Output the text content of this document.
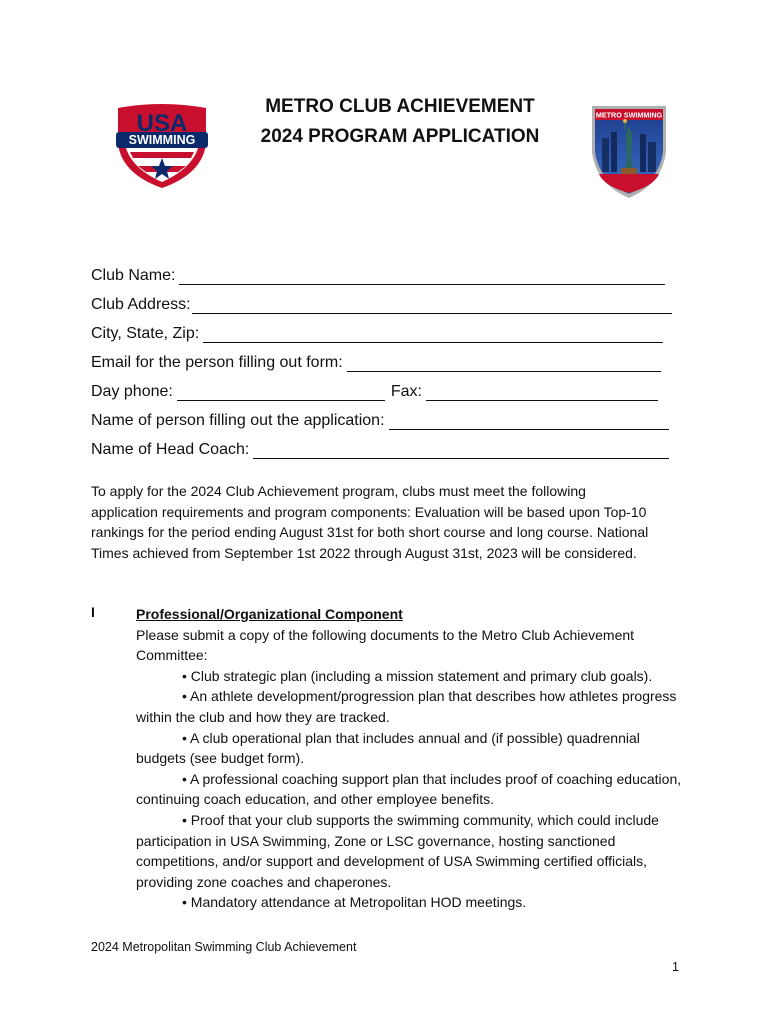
USA
SWIMMING
METRO SWIMMING
METRO CLUB ACHIEVEMENT
2024 PROGRAM APPLICATION
Club Name:
Club Address:
City, State, Zip:
Email for the person filling out form:
Day phone:	Fax:
Name of person filling out the application:
Name of Head Coach:
To apply for the 2024 Club Achievement program, clubs must meet the following application requirements and program components: Evaluation will be based upon Top-10 rankings for the period ending August 31st for both short course and long course. National Times achieved from September 1st 2022 through August 31st, 2023 will be considered.
I	Professional/Organizational Component

Please submit a copy of the following documents to the Metro Club Achievement Committee:

• Club strategic plan (including a mission statement and primary club goals).

• An athlete development/progression plan that describes how athletes progress within the club and how they are tracked.

• A club operational plan that includes annual and (if possible) quadrennial budgets (see budget form).

• A professional coaching support plan that includes proof of coaching education, continuing coach education, and other employee benefits.

• Proof that your club supports the swimming community, which could include participation in USA Swimming, Zone or LSC governance, hosting sanctioned competitions, and/or support and development of USA Swimming certified officials, providing zone coaches and chaperones.

• Mandatory attendance at Metropolitan HOD meetings.

2024 Metropolitan Swimming Club Achievement
1
